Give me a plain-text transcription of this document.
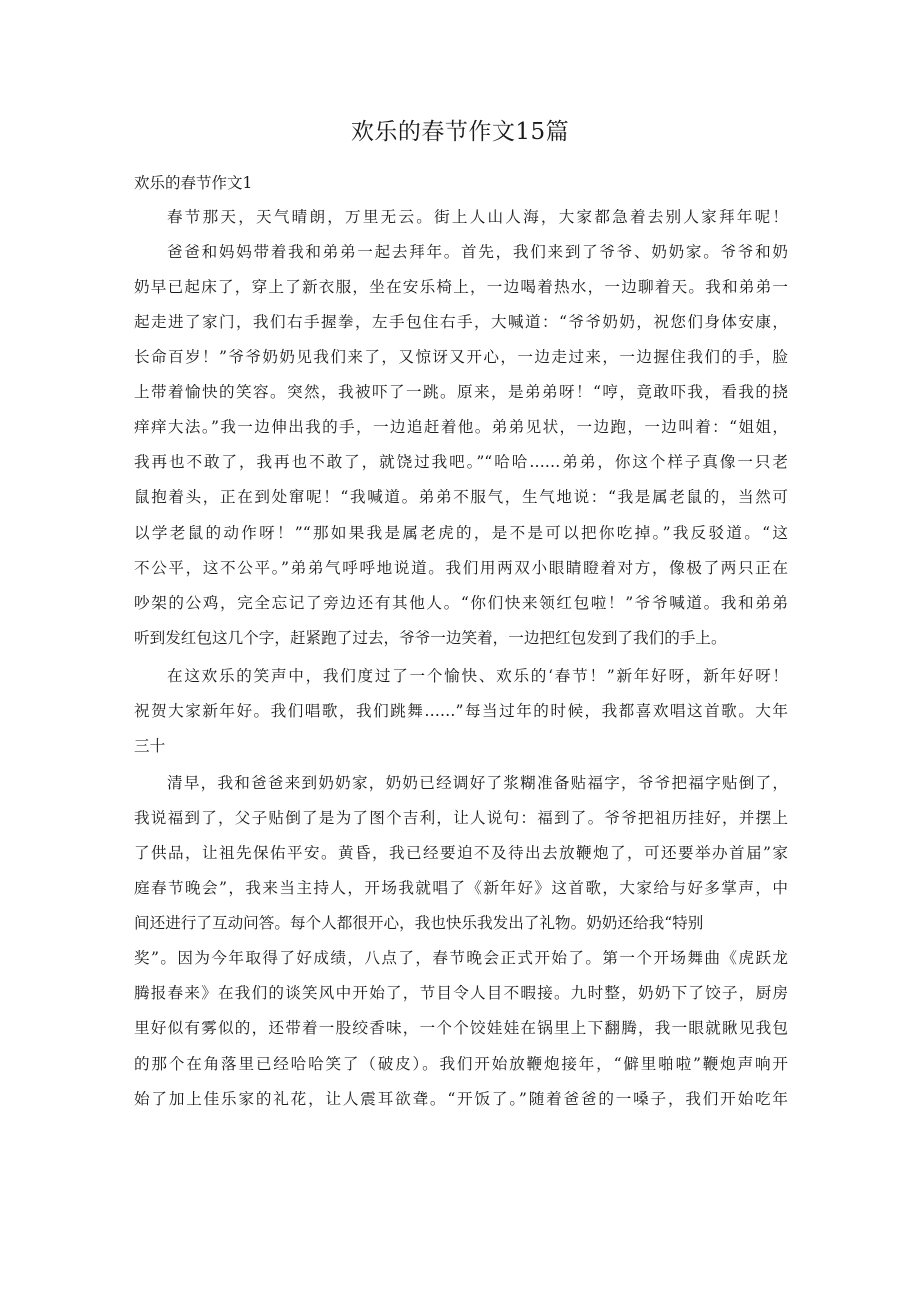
欢乐的春节作文15篇
欢乐的春节作文1
春节那天，天气晴朗，万里无云。街上人山人海，大家都急着去别人家拜年呢！
爸爸和妈妈带着我和弟弟一起去拜年。首先，我们来到了爷爷、奶奶家。爷爷和奶
奶早已起床了，穿上了新衣服，坐在安乐椅上，一边喝着热水，一边聊着天。我和弟弟一
起走进了家门，我们右手握拳，左手包住右手，大喊道：“爷爷奶奶，祝您们身体安康，
长命百岁！”爷爷奶奶见我们来了，又惊讶又开心，一边走过来，一边握住我们的手，脸
上带着愉快的笑容。突然，我被吓了一跳。原来，是弟弟呀！“哼，竟敢吓我，看我的挠
痒痒大法。”我一边伸出我的手，一边追赶着他。弟弟见状，一边跑，一边叫着：“姐姐，
我再也不敢了，我再也不敢了，就饶过我吧。”“哈哈……弟弟，你这个样子真像一只老
鼠抱着头，正在到处窜呢！“我喊道。弟弟不服气，生气地说：“我是属老鼠的，当然可
以学老鼠的动作呀！”“那如果我是属老虎的，是不是可以把你吃掉。”我反驳道。“这
不公平，这不公平。”弟弟气呼呼地说道。我们用两双小眼睛瞪着对方，像极了两只正在
吵架的公鸡，完全忘记了旁边还有其他人。“你们快来领红包啦！”爷爷喊道。我和弟弟
听到发红包这几个字，赶紧跑了过去，爷爷一边笑着，一边把红包发到了我们的手上。
在这欢乐的笑声中，我们度过了一个愉快、欢乐的‘春节！”新年好呀，新年好呀！
祝贺大家新年好。我们唱歌，我们跳舞……”每当过年的时候，我都喜欢唱这首歌。大年
三十
清早，我和爸爸来到奶奶家，奶奶已经调好了浆糊准备贴福字，爷爷把福字贴倒了，
我说福到了，父子贴倒了是为了图个吉利，让人说句：福到了。爷爷把祖历挂好，并摆上
了供品，让祖先保佑平安。黄昏，我已经要迫不及待出去放鞭炮了，可还要举办首届”家
庭春节晚会”，我来当主持人，开场我就唱了《新年好》这首歌，大家给与好多掌声，中
间还进行了互动问答。每个人都很开心，我也快乐我发出了礼物。奶奶还给我“特别
奖”。因为今年取得了好成绩，八点了，春节晚会正式开始了。第一个开场舞曲《虎跃龙
腾报春来》在我们的谈笑风中开始了，节目令人目不暇接。九时整，奶奶下了饺子，厨房
里好似有雾似的，还带着一股绞香味，一个个饺娃娃在锅里上下翻腾，我一眼就瞅见我包
的那个在角落里已经哈哈笑了（破皮）。我们开始放鞭炮接年，“僻里啪啦”鞭炮声响开
始了加上佳乐家的礼花，让人震耳欲聋。“开饭了。”随着爸爸的一嗓子，我们开始吃年
